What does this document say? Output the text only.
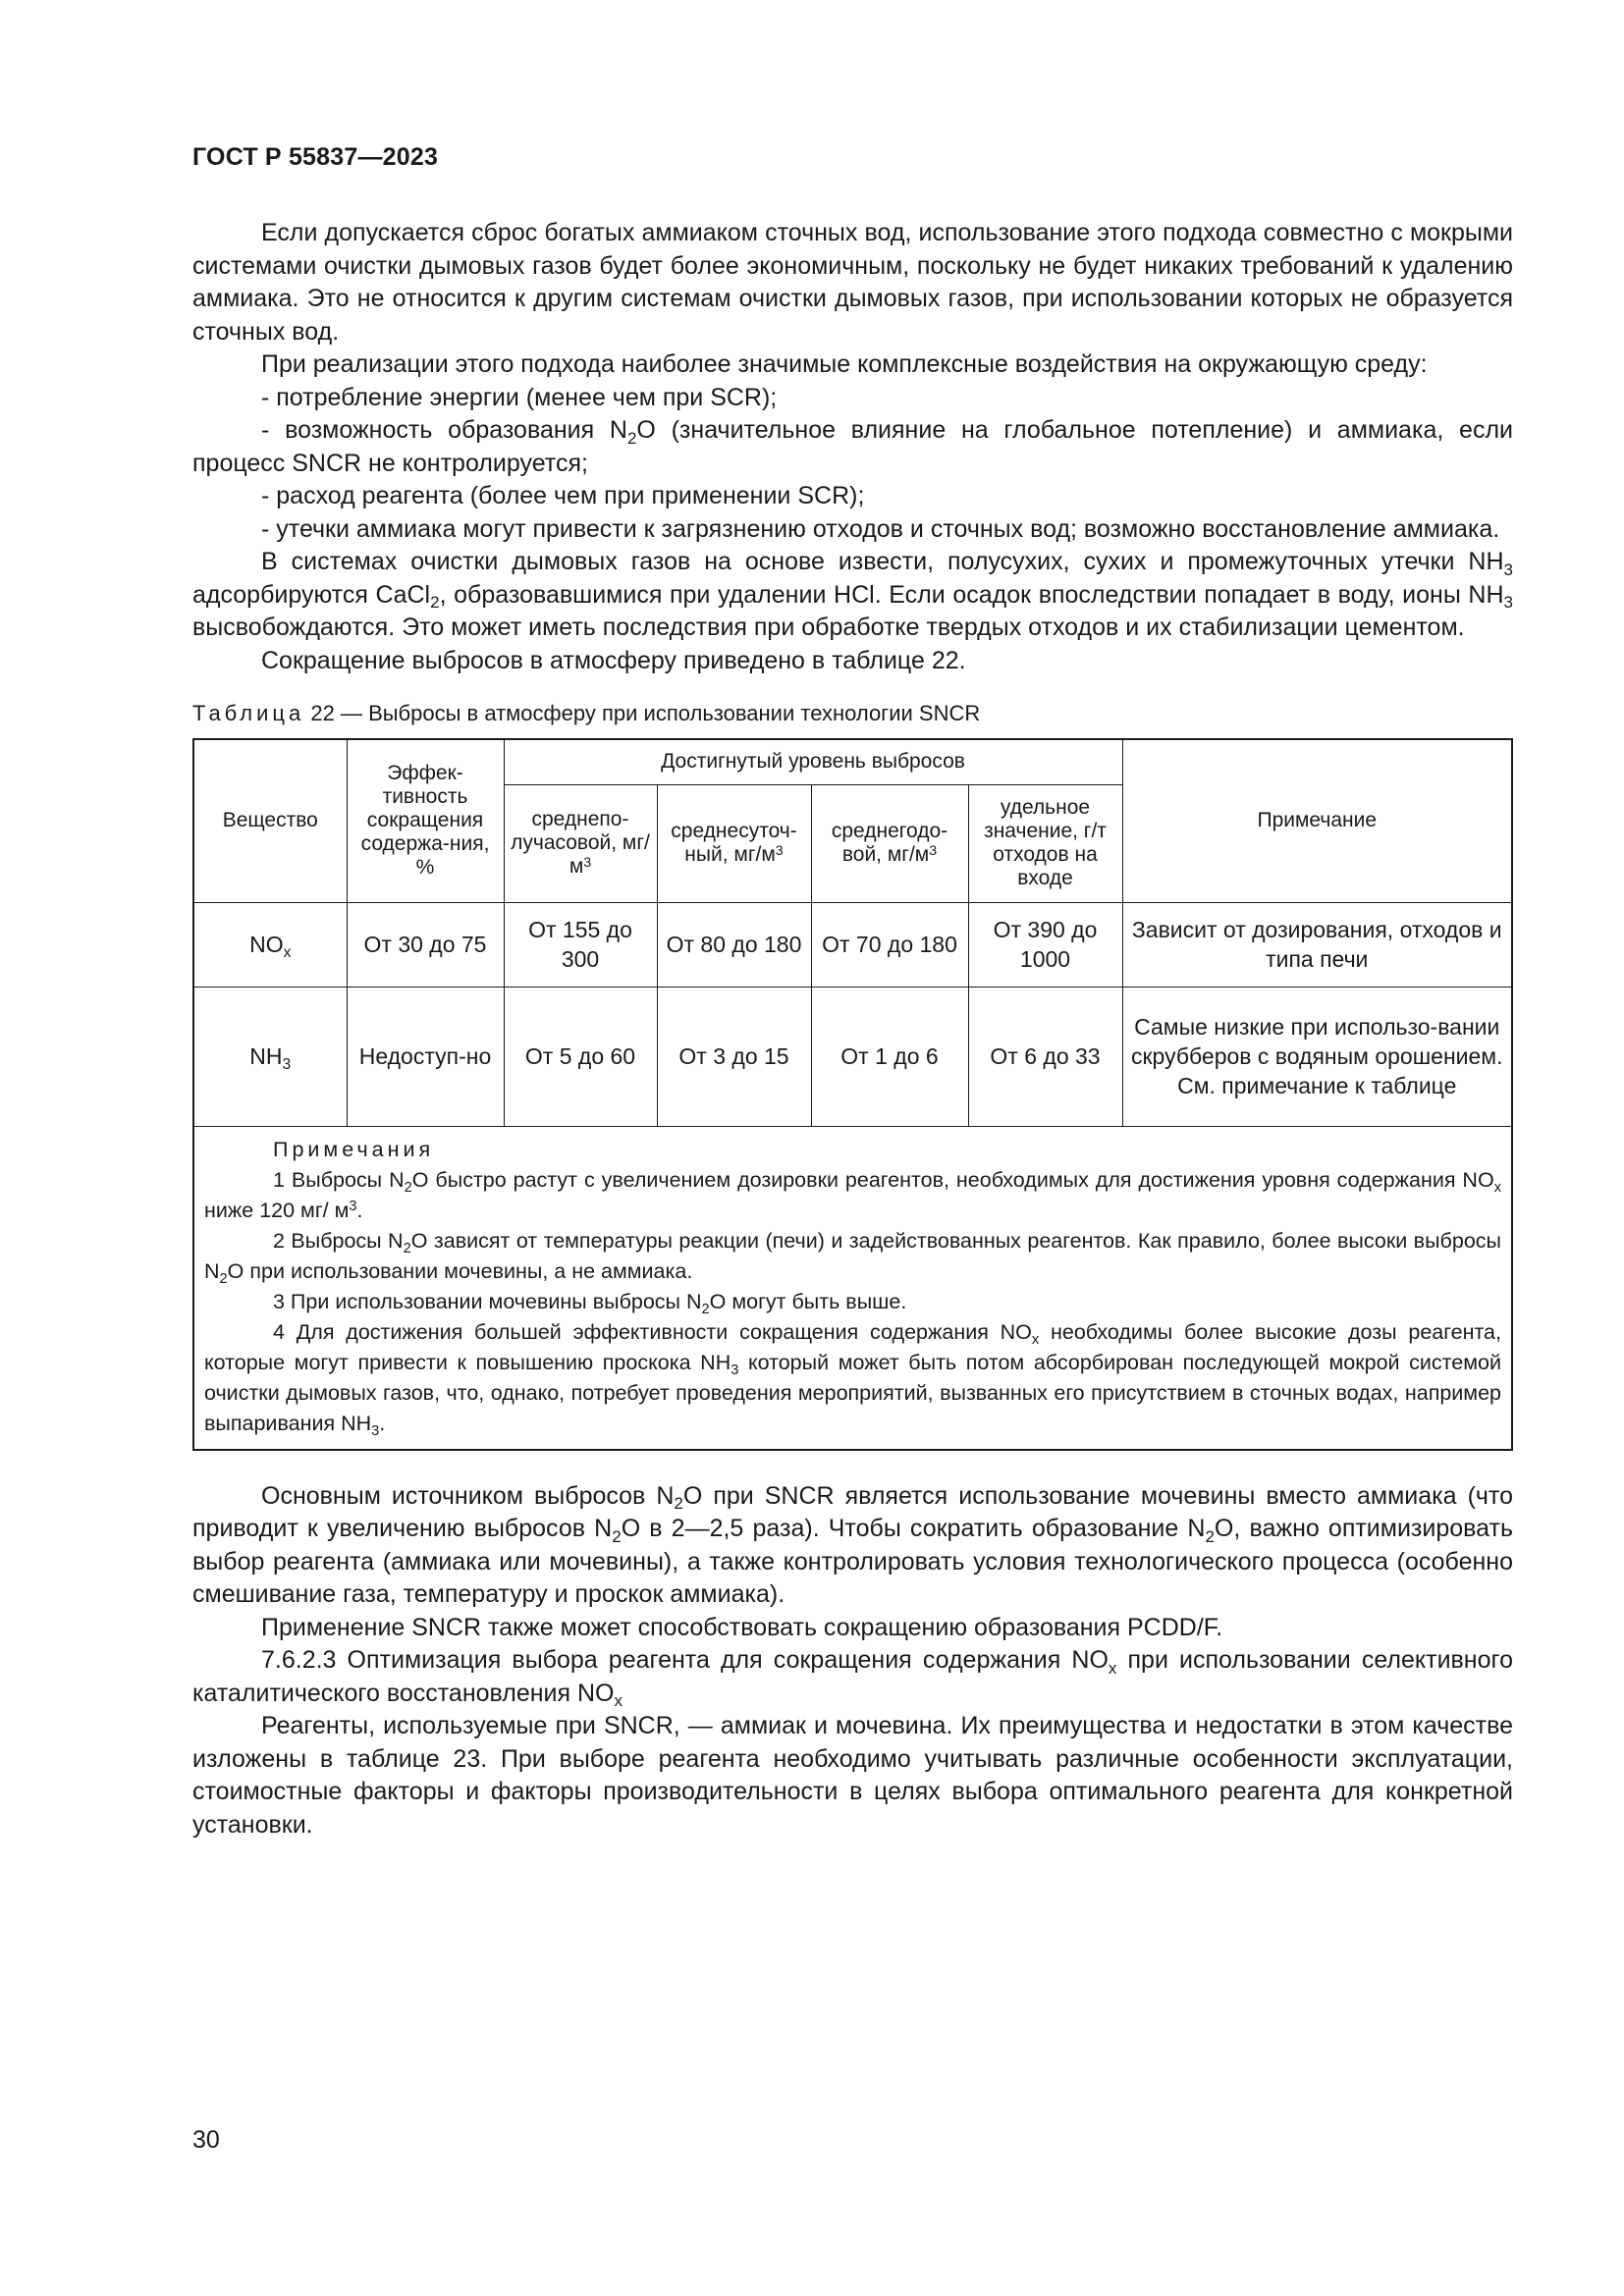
ГОСТ Р 55837—2023

Если допускается сброс богатых аммиаком сточных вод, использование этого подхода совместно с мокрыми системами очистки дымовых газов будет более экономичным, поскольку не будет никаких требований к удалению аммиака. Это не относится к другим системам очистки дымовых газов, при использовании которых не образуется сточных вод.

При реализации этого подхода наиболее значимые комплексные воздействия на окружающую среду:

- потребление энергии (менее чем при SCR);

- возможность образования $N_2O$ (значительное влияние на глобальное потепление) и аммиака, если процесс SNCR не контролируется;

- расход реагента (более чем при применении SCR);

- утечки аммиака могут привести к загрязнению отходов и сточных вод; возможно восстановление аммиака.

В системах очистки дымовых газов на основе извести, полусухих, сухих и промежуточных утечки $NH_3$ адсорбируются CaCl$_2$, образовавшимися при удалении HCl. Если осадок впоследствии попадает в воду, ионы $NH_3$ высвобождаются. Это может иметь последствия при обработке твердых отходов и их стабилизации цементом.

Сокращение выбросов в атмосферу приведено в таблице 22.

Таблица 22 — Выбросы в атмосферу при использовании технологии SNCR
Вещество	Эффек-тивность сокращения содержа-ния, %	Достигнутый уровень выбросов				Примечание
		среднепо-лучасовой, $мг/м^3$	среднесуточ-ный, $мг/м^3$	среднегодо-вой, $мг/м^3$	удельное значение, г/т отходов на входе	
$NO_x$	От 30 до 75	От 155 до 300	От 80 до 180	От 70 до 180	От 390 до 1000	Зависит от дозирования, отходов и типа печи
$NH_3$	Недоступ-но	От 5 до 60	От 3 до 15	От 1 до 6	От 6 до 33	Самые низкие при использо-вании скрубберов с водяным орошением. См. примечание к таблице

Примечания
1 Выбросы $N_2O$ быстро растут с увеличением дозировки реагентов, необходимых для достижения уровня содержания $NO_x$ ниже 120 мг/ $м^3$.
2 Выбросы $N_2O$ зависят от температуры реакции (печи) и задействованных реагентов. Как правило, более высоки выбросы $N_2O$ при использовании мочевины, а не аммиака.
3 При использовании мочевины выбросы $N_2O$ могут быть выше.
4 Для достижения большей эффективности сокращения содержания $NO_x$ необходимы более высокие дозы реагента, которые могут привести к повышению проскока $NH_3$ который может быть потом абсорбирован последующей мокрой системой очистки дымовых газов, что, однако, потребует проведения мероприятий, вызванных его присутствием в сточных водах, например выпаривания $NH_3$.						

Основным источником выбросов $N_2O$ при SNCR является использование мочевины вместо аммиака (что приводит к увеличению выбросов $N_2O$ в 2—2,5 раза). Чтобы сократить образование $N_2O$, важно оптимизировать выбор реагента (аммиака или мочевины), а также контролировать условия технологического процесса (особенно смешивание газа, температуру и проскок аммиака).

Применение SNCR также может способствовать сокращению образования PCDD/F.

7.6.2.3 Оптимизация выбора реагента для сокращения содержания $NO_x$ при использовании селективного каталитического восстановления $NO_x$

Реагенты, используемые при SNCR, — аммиак и мочевина. Их преимущества и недостатки в этом качестве изложены в таблице 23. При выборе реагента необходимо учитывать различные особенности эксплуатации, стоимостные факторы и факторы производительности в целях выбора оптимального реагента для конкретной установки.

30
